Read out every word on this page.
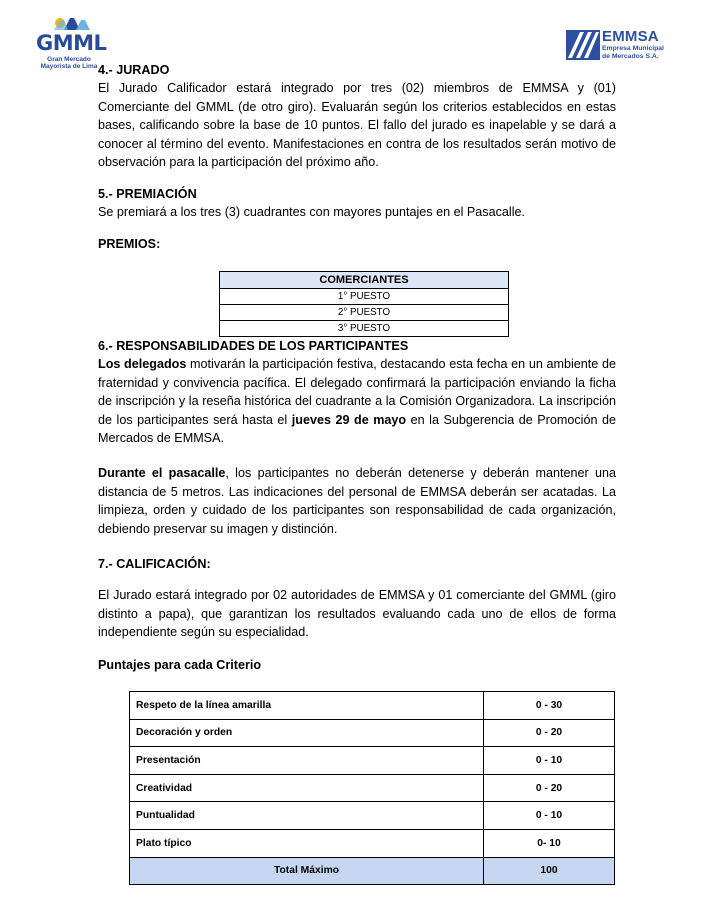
GMML
Gran Mercado
Mayorista de Lima
EMMSA
Empresa Municipal
de Mercados S.A.
4.- JURADO
El Jurado Calificador estará integrado por tres (02) miembros de EMMSA y (01) Comerciante del GMML (de otro giro). Evaluarán según los criterios establecidos en estas bases, calificando sobre la base de 10 puntos. El fallo del jurado es inapelable y se dará a conocer al término del evento. Manifestaciones en contra de los resultados serán motivo de observación para la participación del próximo año.
5.- PREMIACIÓN
Se premiará a los tres (3) cuadrantes con mayores puntajes en el Pasacalle.
PREMIOS:
COMERCIANTES
1° PUESTO
2° PUESTO
3° PUESTO
6.- RESPONSABILIDADES DE LOS PARTICIPANTES
Los delegados motivarán la participación festiva, destacando esta fecha en un ambiente de fraternidad y convivencia pacífica. El delegado confirmará la participación enviando la ficha de inscripción y la reseña histórica del cuadrante a la Comisión Organizadora. La inscripción de los participantes será hasta el jueves 29 de mayo en la Subgerencia de Promoción de Mercados de EMMSA.
Durante el pasacalle, los participantes no deberán detenerse y deberán mantener una distancia de 5 metros. Las indicaciones del personal de EMMSA deberán ser acatadas. La limpieza, orden y cuidado de los participantes son responsabilidad de cada organización, debiendo preservar su imagen y distinción.
7.- CALIFICACIÓN:
El Jurado estará integrado por 02 autoridades de EMMSA y 01 comerciante del GMML (giro distinto a papa), que garantizan los resultados evaluando cada uno de ellos de forma independiente según su especialidad.
Puntajes para cada Criterio
Respeto de la línea amarilla	0 - 30
Decoración y orden	0 - 20
Presentación	0 - 10
Creatividad	0 - 20
Puntualidad	0 - 10
Plato típico	0- 10
Total Máximo	100
